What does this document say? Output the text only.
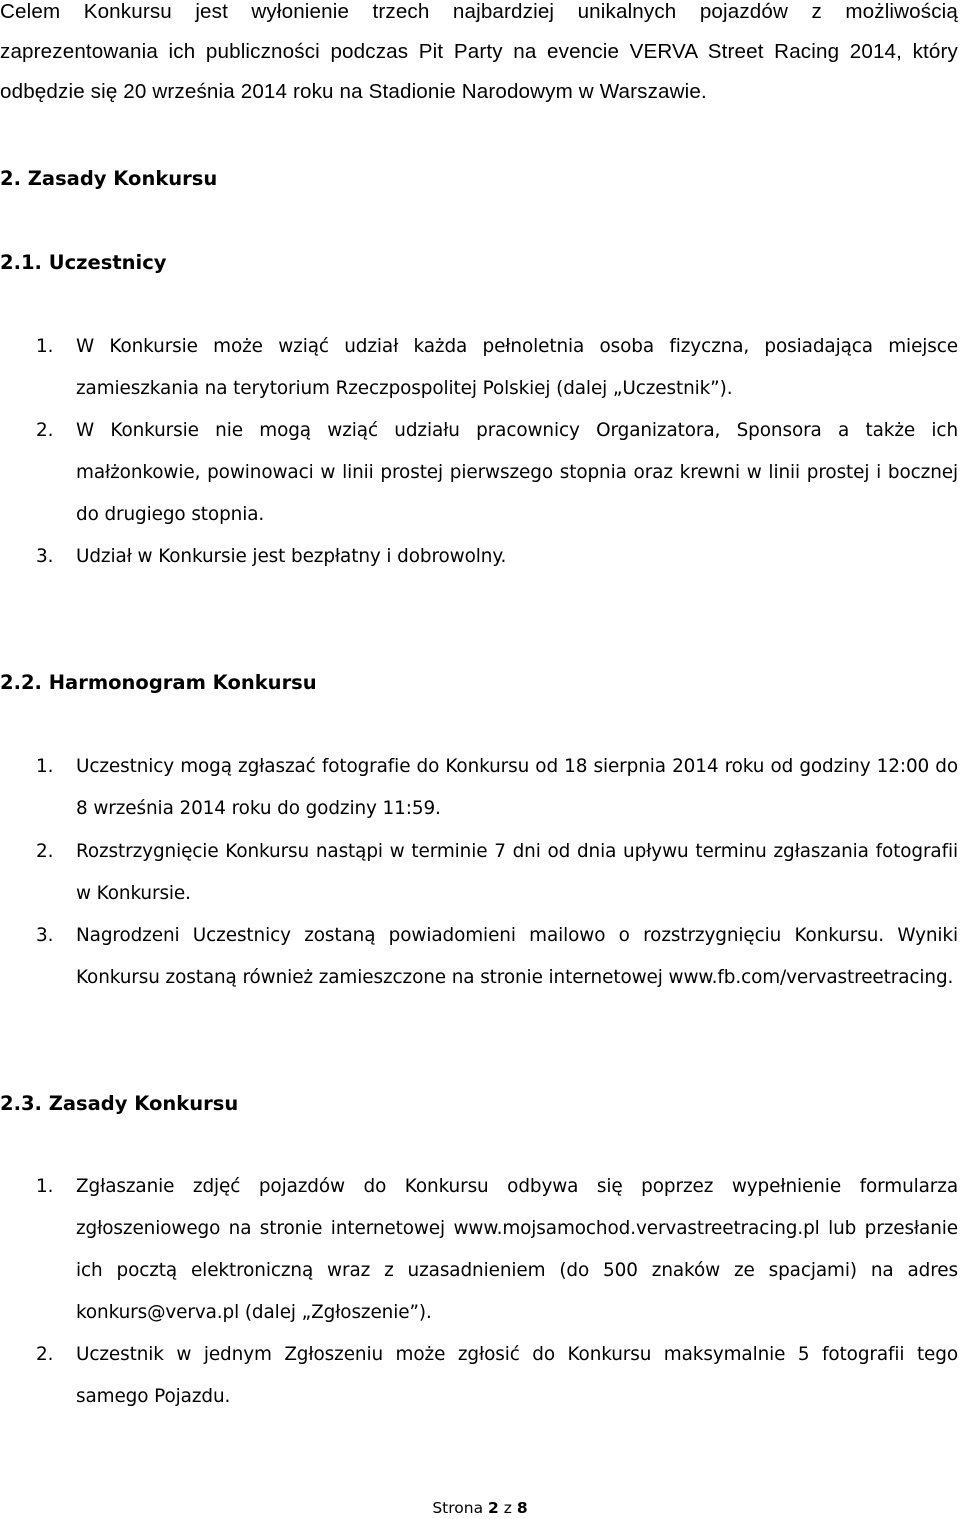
Celem Konkursu jest wyłonienie trzech najbardziej unikalnych pojazdów z możliwością zaprezentowania ich publiczności podczas Pit Party na evencie VERVA Street Racing 2014, który odbędzie się 20 września 2014 roku na Stadionie Narodowym w Warszawie.
2. Zasady Konkursu
2.1. Uczestnicy
1. W Konkursie może wziąć udział każda pełnoletnia osoba fizyczna, posiadająca miejsce zamieszkania na terytorium Rzeczpospolitej Polskiej (dalej „Uczestnik”).
2. W Konkursie nie mogą wziąć udziału pracownicy Organizatora, Sponsora a także ich małżonkowie, powinowaci w linii prostej pierwszego stopnia oraz krewni w linii prostej i bocznej do drugiego stopnia.
3. Udział w Konkursie jest bezpłatny i dobrowolny.
2.2. Harmonogram Konkursu
1. Uczestnicy mogą zgłaszać fotografie do Konkursu od 18 sierpnia 2014 roku od godziny 12:00 do 8 września 2014 roku do godziny 11:59.
2. Rozstrzygnięcie Konkursu nastąpi w terminie 7 dni od dnia upływu terminu zgłaszania fotografii w Konkursie.
3. Nagrodzeni Uczestnicy zostaną powiadomieni mailowo o rozstrzygnięciu Konkursu. Wyniki Konkursu zostaną również zamieszczone na stronie internetowej www.fb.com/vervastreetracing.
2.3. Zasady Konkursu
1. Zgłaszanie zdjęć pojazdów do Konkursu odbywa się poprzez wypełnienie formularza zgłoszeniowego na stronie internetowej www.mojsamochod.vervastreetracing.pl lub przesłanie ich pocztą elektroniczną wraz z uzasadnieniem (do 500 znaków ze spacjami) na adres konkurs@verva.pl (dalej „Zgłoszenie”).
2. Uczestnik w jednym Zgłoszeniu może zgłosić do Konkursu maksymalnie 5 fotografii tego samego Pojazdu.
Strona 2 z 8
